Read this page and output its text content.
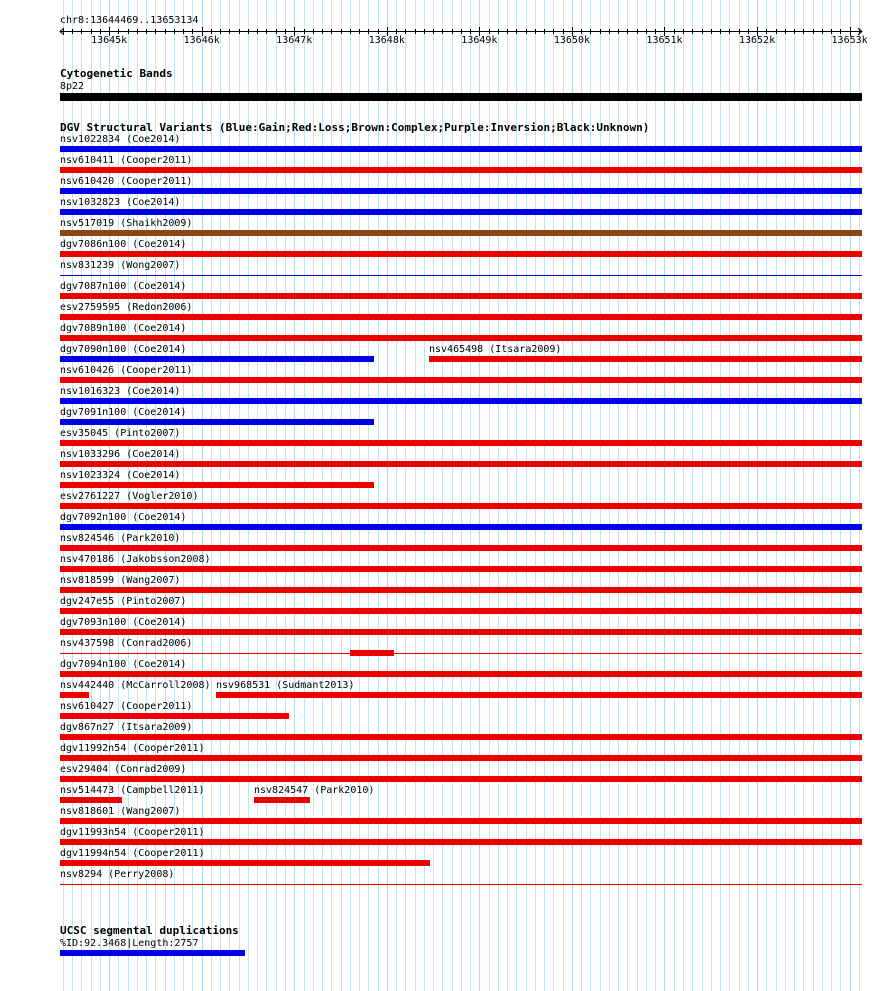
chr8:13644469..13653134
13645k	13646k	13647k	13648k	13649k	13650k	13651k	13652k	13653k
Cytogenetic Bands
8p22
DGV Structural Variants (Blue:Gain;Red:Loss;Brown:Complex;Purple:Inversion;Black:Unknown)
nsv1022834 (Coe2014)
nsv610411 (Cooper2011)
nsv610420 (Cooper2011)
nsv1032823 (Coe2014)
nsv517019 (Shaikh2009)
dgv7086n100 (Coe2014)
nsv831239 (Wong2007)
dgv7087n100 (Coe2014)
esv2759595 (Redon2006)
dgv7089n100 (Coe2014)
dgv7090n100 (Coe2014)	nsv465498 (Itsara2009)
nsv610426 (Cooper2011)
nsv1016323 (Coe2014)
dgv7091n100 (Coe2014)
esv35045 (Pinto2007)
nsv1033296 (Coe2014)
nsv1023324 (Coe2014)
esv2761227 (Vogler2010)
dgv7092n100 (Coe2014)
nsv824546 (Park2010)
nsv470186 (Jakobsson2008)
nsv818599 (Wang2007)
dgv247e55 (Pinto2007)
dgv7093n100 (Coe2014)
nsv437598 (Conrad2006)
dgv7094n100 (Coe2014)
nsv442440 (McCarroll2008) nsv968531 (Sudmant2013)
nsv610427 (Cooper2011)
dgv867n27 (Itsara2009)
dgv11992n54 (Cooper2011)
esv29404 (Conrad2009)
nsv514473 (Campbell2011)	nsv824547 (Park2010)
nsv818601 (Wang2007)
dgv11993n54 (Cooper2011)
dgv11994n54 (Cooper2011)
nsv8294 (Perry2008)
UCSC segmental duplications
%ID:92.3468|Length:2757
